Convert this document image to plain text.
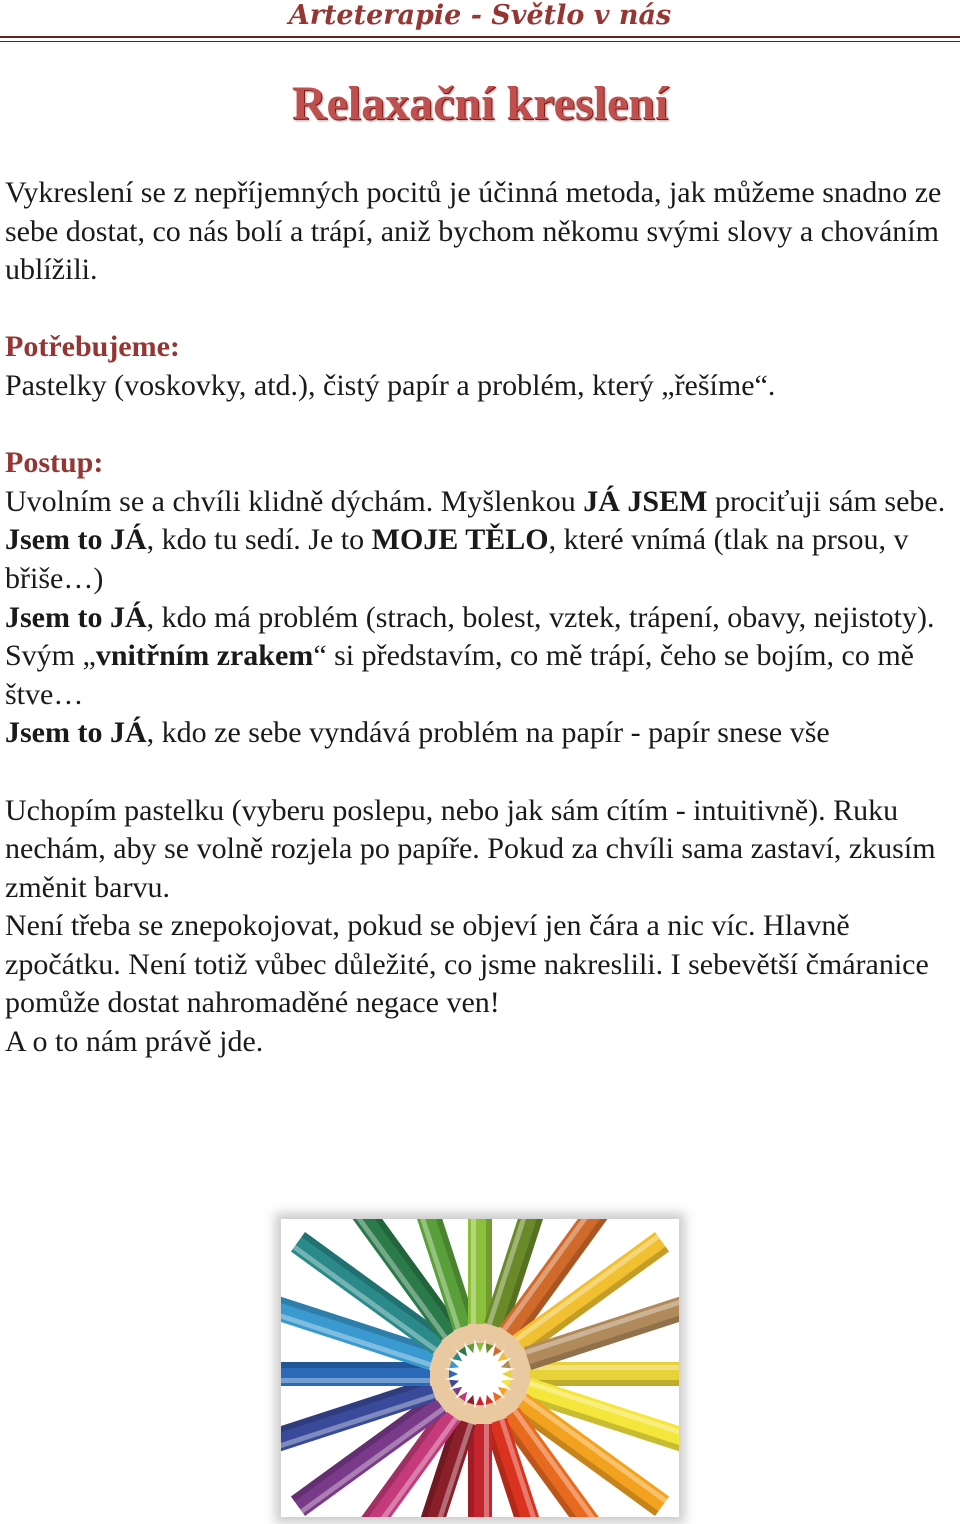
Arteterapie - Světlo v nás
Relaxační kreslení

Vykreslení se z nepříjemných pocitů je účinná metoda, jak můžeme snadno ze sebe dostat, co nás bolí a trápí, aniž bychom někomu svými slovy a chováním ublížili.

Potřebujeme:

Pastelky (voskovky, atd.), čistý papír a problém, který „řešíme“.

Postup:

Uvolním se a chvíli klidně dýchám. Myšlenkou JÁ JSEM prociťuji sám sebe.

Jsem to JÁ, kdo tu sedí. Je to MOJE TĚLO, které vnímá (tlak na prsou, v břiše…)

Jsem to JÁ, kdo má problém (strach, bolest, vztek, trápení, obavy, nejistoty).

Svým „vnitřním zrakem“ si představím, co mě trápí, čeho se bojím, co mě štve…

Jsem to JÁ, kdo ze sebe vyndává problém na papír - papír snese vše

Uchopím pastelku (vyberu poslepu, nebo jak sám cítím - intuitivně). Ruku nechám, aby se volně rozjela po papíře. Pokud za chvíli sama zastaví, zkusím změnit barvu.

Není třeba se znepokojovat, pokud se objeví jen čára a nic víc. Hlavně zpočátku. Není totiž vůbec důležité, co jsme nakreslili. I sebevětší čmáranice pomůže dostat nahromaděné negace ven!

A o to nám právě jde.
